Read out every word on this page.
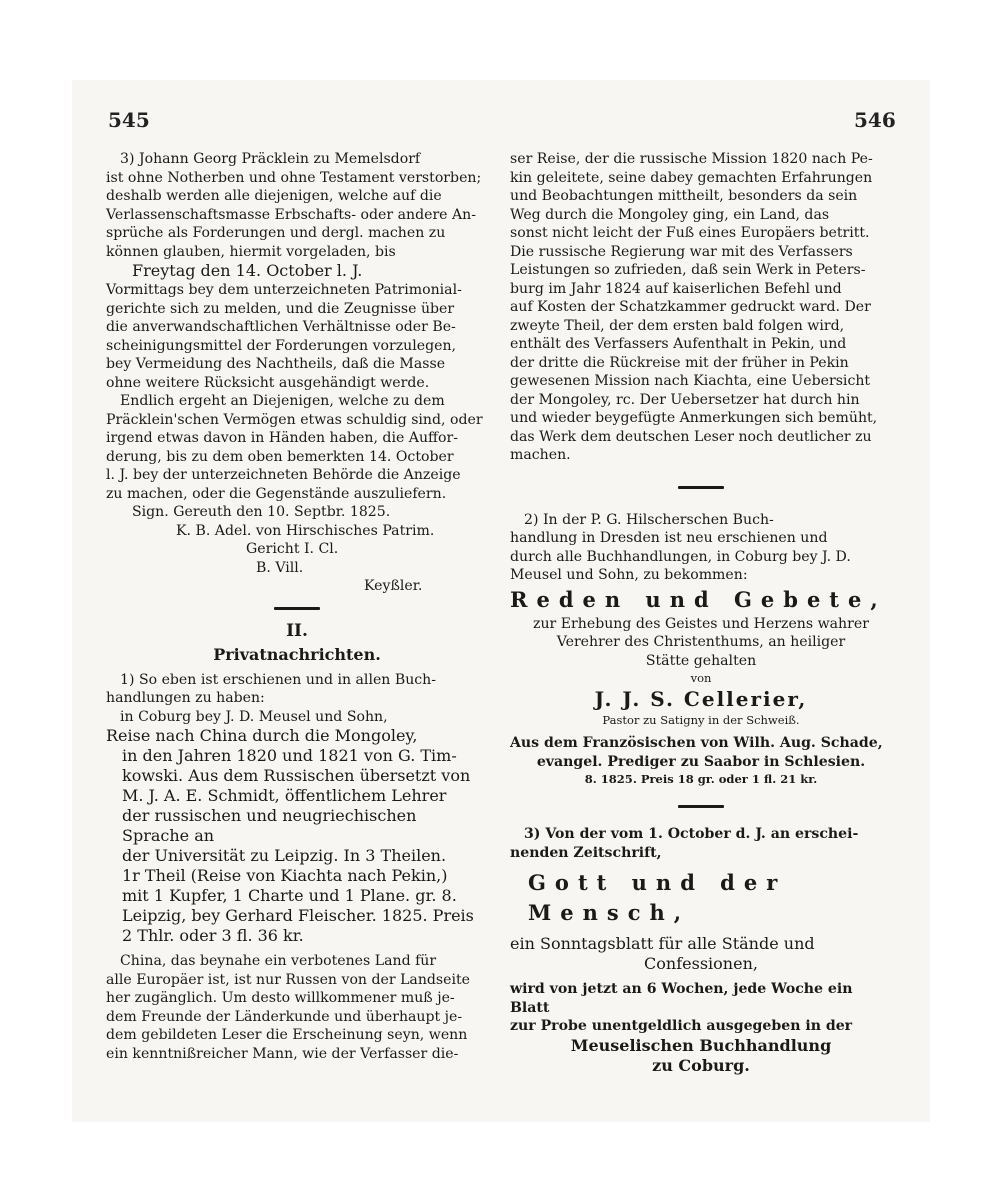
545	546
3) Johann Georg Präcklein zu Memelsdorf
ist ohne Notherben und ohne Testament verstorben;
deshalb werden alle diejenigen, welche auf die
Verlassenschaftsmasse Erbschafts- oder andere An-
sprüche als Forderungen und dergl. machen zu
können glauben, hiermit vorgeladen, bis
Freytag den 14. October l. J.
Vormittags bey dem unterzeichneten Patrimonial-
gerichte sich zu melden, und die Zeugnisse über
die anverwandschaftlichen Verhältnisse oder Be-
scheinigungsmittel der Forderungen vorzulegen,
bey Vermeidung des Nachtheils, daß die Masse
ohne weitere Rücksicht ausgehändigt werde.
Endlich ergeht an Diejenigen, welche zu dem
Präcklein'schen Vermögen etwas schuldig sind, oder
irgend etwas davon in Händen haben, die Auffor-
derung, bis zu dem oben bemerkten 14. October
l. J. bey der unterzeichneten Behörde die Anzeige
zu machen, oder die Gegenstände auszuliefern.
Sign. Gereuth den 10. Septbr. 1825.
K. B. Adel. von Hirschisches Patrim.
Gericht I. Cl.
B. Vill.
Keyßler.
II.
Privatnachrichten.
1) So eben ist erschienen und in allen Buch-
handlungen zu haben:
in Coburg bey J. D. Meusel und Sohn,
Reise nach China durch die Mongoley,
in den Jahren 1820 und 1821 von G. Tim-
kowski. Aus dem Russischen übersetzt von
M. J. A. E. Schmidt, öffentlichem Lehrer
der russischen und neugriechischen Sprache an
der Universität zu Leipzig. In 3 Theilen.
1r Theil (Reise von Kiachta nach Pekin,)
mit 1 Kupfer, 1 Charte und 1 Plane. gr. 8.
Leipzig, bey Gerhard Fleischer. 1825. Preis
2 Thlr. oder 3 fl. 36 kr.
China, das beynahe ein verbotenes Land für
alle Europäer ist, ist nur Russen von der Landseite
her zugänglich. Um desto willkommener muß je-
dem Freunde der Länderkunde und überhaupt je-
dem gebildeten Leser die Erscheinung seyn, wenn
ein kenntnißreicher Mann, wie der Verfasser die-
ser Reise, der die russische Mission 1820 nach Pe-
kin geleitete, seine dabey gemachten Erfahrungen
und Beobachtungen mittheilt, besonders da sein
Weg durch die Mongoley ging, ein Land, das
sonst nicht leicht der Fuß eines Europäers betritt.
Die russische Regierung war mit des Verfassers
Leistungen so zufrieden, daß sein Werk in Peters-
burg im Jahr 1824 auf kaiserlichen Befehl und
auf Kosten der Schatzkammer gedruckt ward. Der
zweyte Theil, der dem ersten bald folgen wird,
enthält des Verfassers Aufenthalt in Pekin, und
der dritte die Rückreise mit der früher in Pekin
gewesenen Mission nach Kiachta, eine Uebersicht
der Mongoley, rc. Der Uebersetzer hat durch hin
und wieder beygefügte Anmerkungen sich bemüht,
das Werk dem deutschen Leser noch deutlicher zu
machen.
2) In der P. G. Hilscherschen Buch-
handlung in Dresden ist neu erschienen und
durch alle Buchhandlungen, in Coburg bey J. D.
Meusel und Sohn, zu bekommen:
Reden und Gebete,
zur Erhebung des Geistes und Herzens wahrer
Verehrer des Christenthums, an heiliger
Stätte gehalten
von
J. J. S. Cellerier,
Pastor zu Satigny in der Schweiß.
Aus dem Französischen von Wilh. Aug. Schade,
evangel. Prediger zu Saabor in Schlesien.
8. 1825. Preis 18 gr. oder 1 fl. 21 kr.
3) Von der vom 1. October d. J. an erschei-
nenden Zeitschrift,
Gott und der Mensch,
ein Sonntagsblatt für alle Stände und
Confessionen,
wird von jetzt an 6 Wochen, jede Woche ein Blatt
zur Probe unentgeldlich ausgegeben in der
Meuselischen Buchhandlung
zu Coburg.
